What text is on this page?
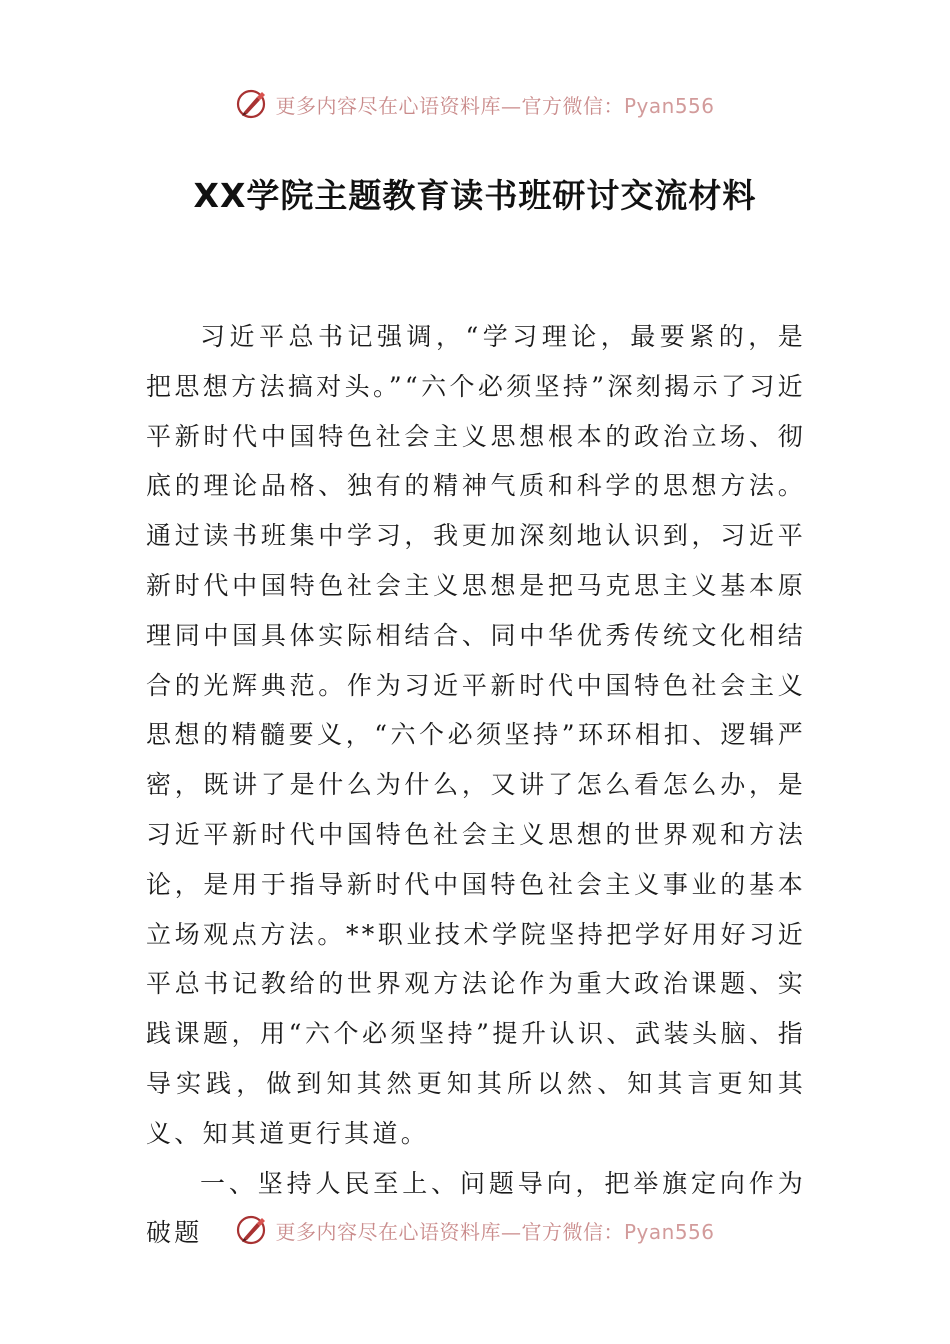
更多内容尽在心语资料库—官方微信：Pyan556
XX学院主题教育读书班研讨交流材料

习近平总书记强调，“学习理论，最要紧的，是把思想方法搞对头。”“六个必须坚持”深刻揭示了习近平新时代中国特色社会主义思想根本的政治立场、彻底的理论品格、独有的精神气质和科学的思想方法。通过读书班集中学习，我更加深刻地认识到，习近平新时代中国特色社会主义思想是把马克思主义基本原理同中国具体实际相结合、同中华优秀传统文化相结合的光辉典范。作为习近平新时代中国特色社会主义思想的精髓要义，“六个必须坚持”环环相扣、逻辑严密，既讲了是什么为什么，又讲了怎么看怎么办，是习近平新时代中国特色社会主义思想的世界观和方法论，是用于指导新时代中国特色社会主义事业的基本立场观点方法。**职业技术学院坚持把学好用好习近平总书记教给的世界观方法论作为重大政治课题、实践课题，用“六个必须坚持”提升认识、武装头脑、指导实践，做到知其然更知其所以然、知其言更知其义、知其道更行其道。

一、坚持人民至上、问题导向，把举旗定向作为破题	更多内容尽在心语资料库—官方微信：Pyan556
